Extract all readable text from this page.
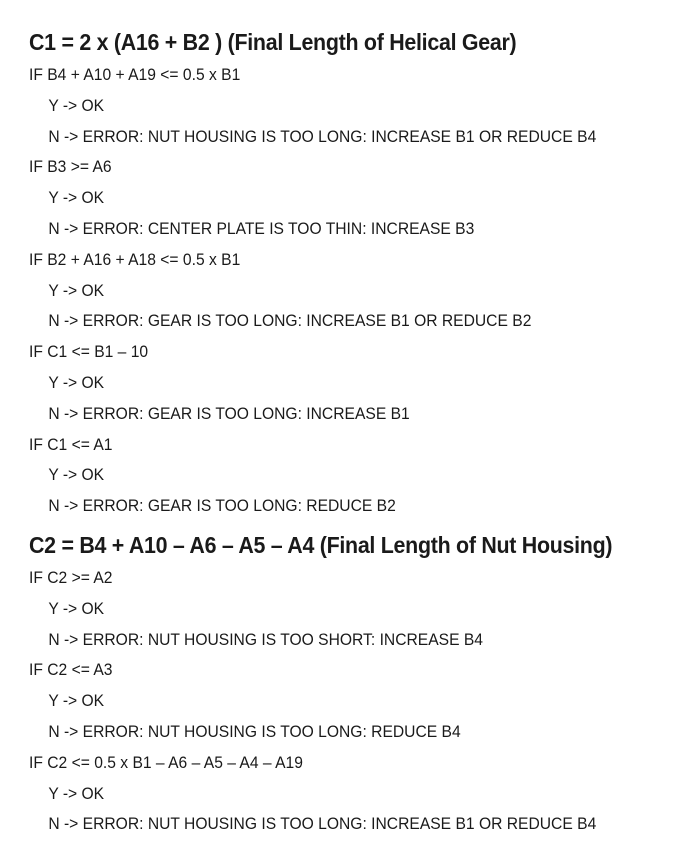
C1 = 2 x (A16 + B2 ) (Final Length of Helical Gear)
IF B4 + A10 + A19 <= 0.5 x B1
Y -> OK
N -> ERROR: NUT HOUSING IS TOO LONG: INCREASE B1 OR REDUCE B4
IF B3 >= A6
Y -> OK
N -> ERROR: CENTER PLATE IS TOO THIN: INCREASE B3
IF B2 + A16 + A18 <= 0.5 x B1
Y -> OK
N -> ERROR: GEAR IS TOO LONG: INCREASE B1 OR REDUCE B2
IF C1 <= B1 – 10
Y -> OK
N -> ERROR: GEAR IS TOO LONG: INCREASE B1
IF C1 <= A1
Y -> OK
N -> ERROR: GEAR IS TOO LONG: REDUCE B2
C2 = B4 + A10 – A6 – A5 – A4 (Final Length of Nut Housing)
IF C2 >= A2
Y -> OK
N -> ERROR: NUT HOUSING IS TOO SHORT: INCREASE B4
IF C2 <= A3
Y -> OK
N -> ERROR: NUT HOUSING IS TOO LONG: REDUCE B4
IF C2 <= 0.5 x B1 – A6 – A5 – A4 – A19
Y -> OK
N -> ERROR: NUT HOUSING IS TOO LONG: INCREASE B1 OR REDUCE B4
